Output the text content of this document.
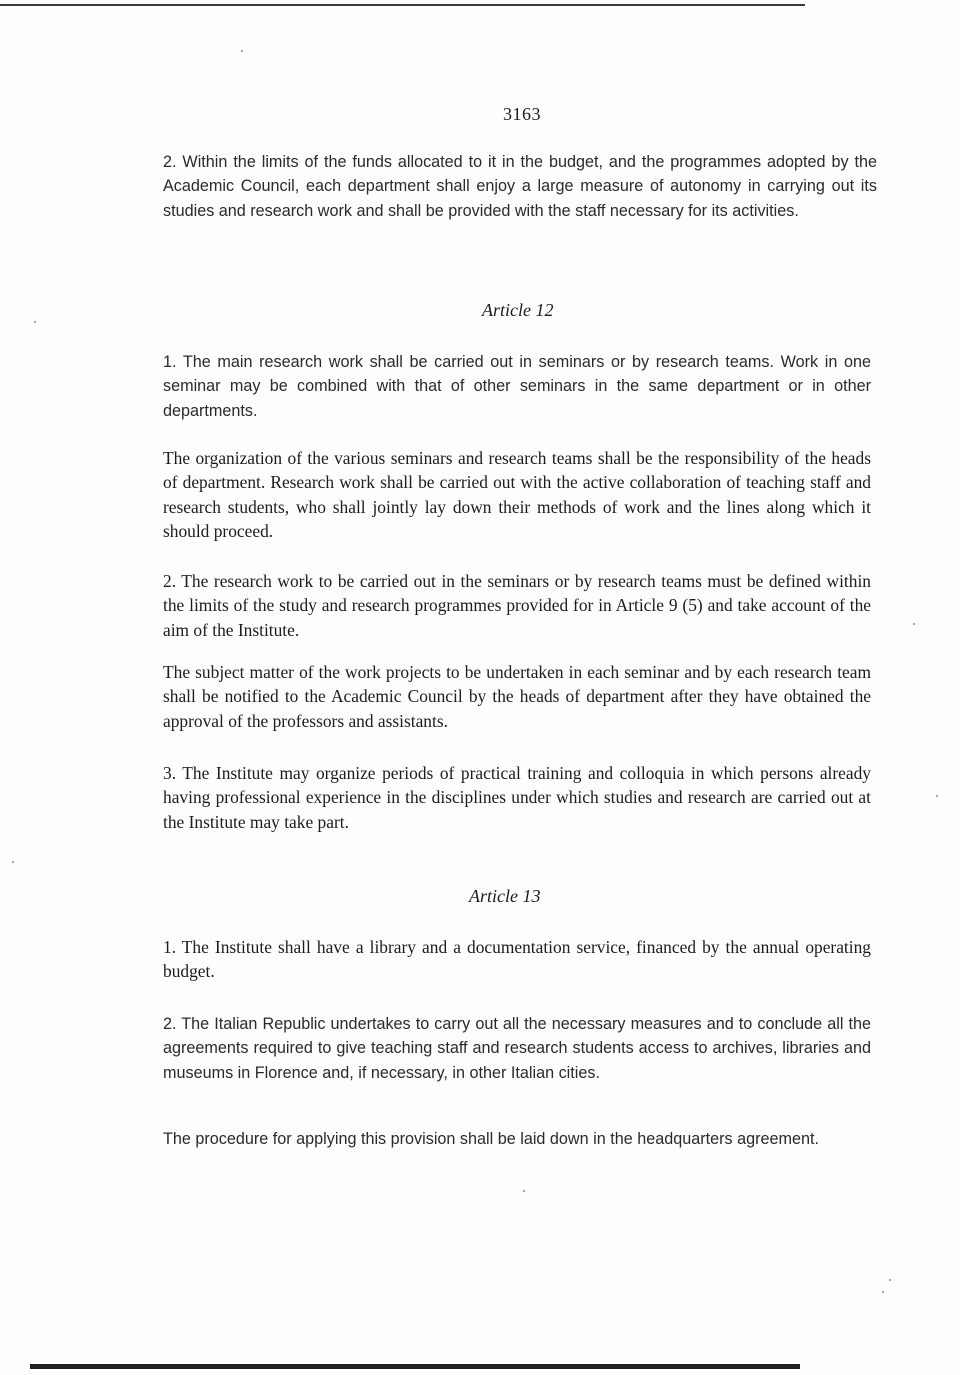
3163

2. Within the limits of the funds allocated to it in the budget, and the programmes adopted by the Academic Council, each department shall enjoy a large measure of autonomy in carrying out its studies and research work and shall be provided with the staff necessary for its activities.

Article 12

1. The main research work shall be carried out in seminars or by research teams. Work in one seminar may be combined with that of other seminars in the same department or in other departments.

The organization of the various seminars and research teams shall be the responsibility of the heads of department. Research work shall be carried out with the active collaboration of teaching staff and research students, who shall jointly lay down their methods of work and the lines along which it should proceed.

2. The research work to be carried out in the seminars or by research teams must be defined within the limits of the study and research programmes provided for in Article 9 (5) and take account of the aim of the Institute.

The subject matter of the work projects to be undertaken in each seminar and by each research team shall be notified to the Academic Council by the heads of department after they have obtained the approval of the professors and assistants.

3. The Institute may organize periods of practical training and colloquia in which persons already having professional experience in the disciplines under which studies and research are carried out at the Institute may take part.

Article 13

1. The Institute shall have a library and a documentation service, financed by the annual operating budget.

2. The Italian Republic undertakes to carry out all the necessary measures and to conclude all the agreements required to give teaching staff and research students access to archives, libraries and museums in Florence and, if necessary, in other Italian cities.

The procedure for applying this provision shall be laid down in the headquarters agreement.
